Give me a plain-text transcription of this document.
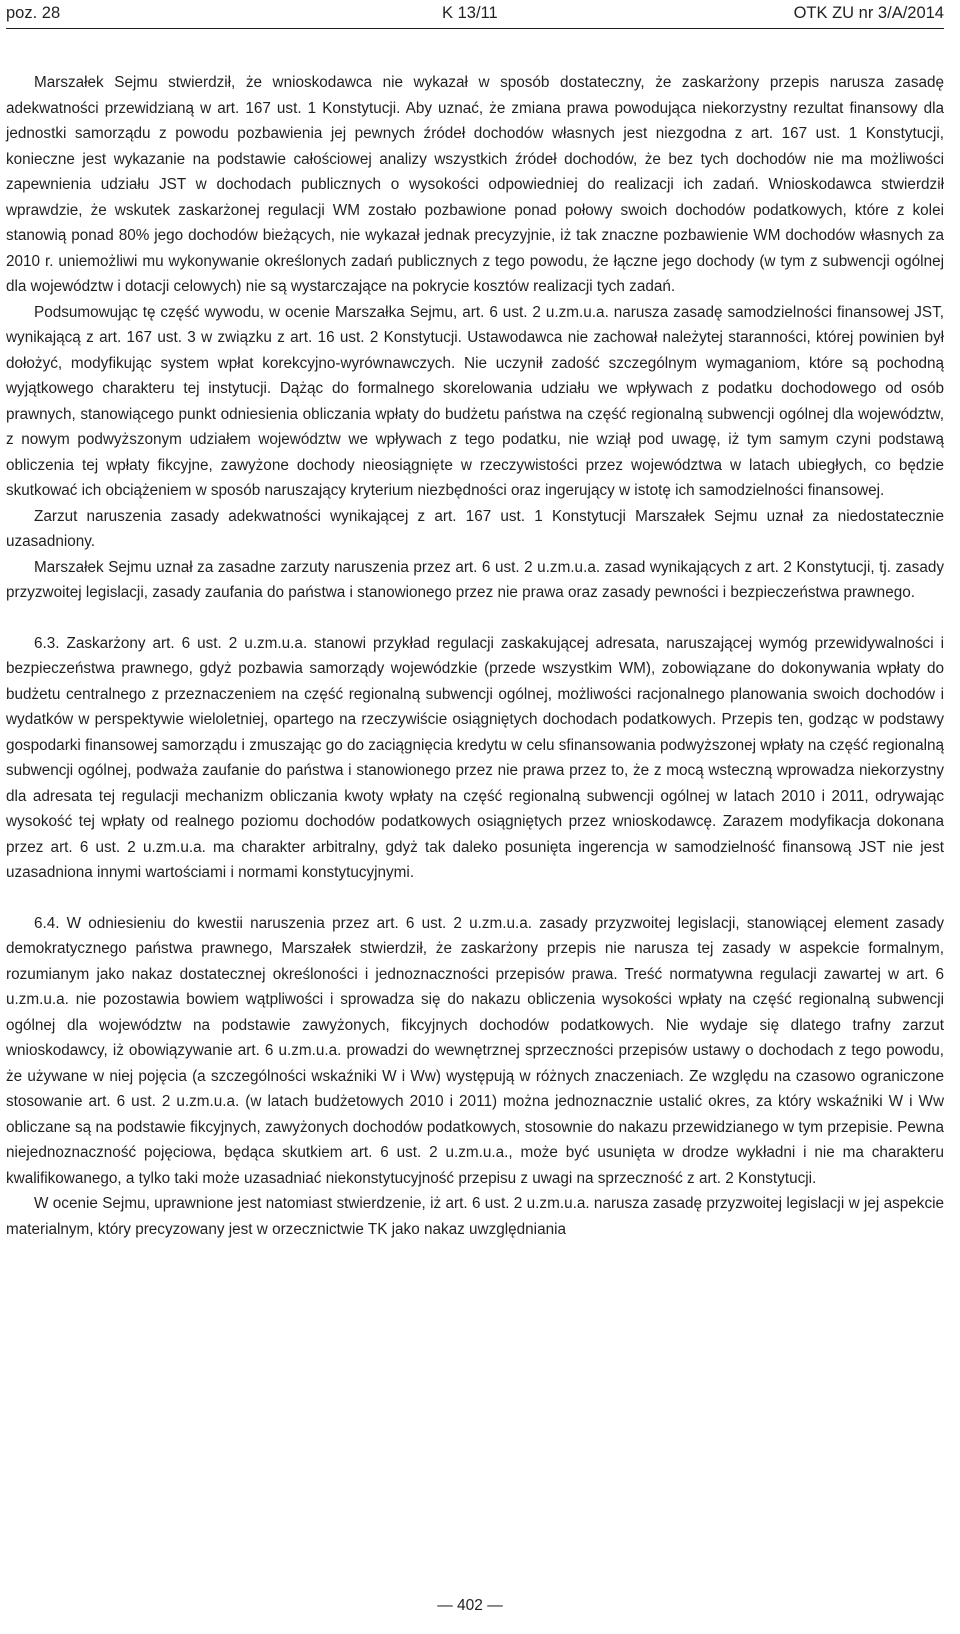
poz. 28	K 13/11	OTK ZU nr 3/A/2014

Marszałek Sejmu stwierdził, że wnioskodawca nie wykazał w sposób dostateczny, że zaskarżony przepis narusza zasadę adekwatności przewidzianą w art. 167 ust. 1 Konstytucji. Aby uznać, że zmiana prawa powodująca niekorzystny rezultat finansowy dla jednostki samorządu z powodu pozbawienia jej pewnych źródeł dochodów własnych jest niezgodna z art. 167 ust. 1 Konstytucji, konieczne jest wykazanie na podstawie całościowej analizy wszystkich źródeł dochodów, że bez tych dochodów nie ma możliwości zapewnienia udziału JST w dochodach publicznych o wysokości odpowiedniej do realizacji ich zadań. Wnioskodawca stwierdził wprawdzie, że wskutek zaskarżonej regulacji WM zostało pozbawione ponad połowy swoich dochodów podatkowych, które z kolei stanowią ponad 80% jego dochodów bieżących, nie wykazał jednak precyzyjnie, iż tak znaczne pozbawienie WM dochodów własnych za 2010 r. uniemożliwi mu wykonywanie określonych zadań publicznych z tego powodu, że łączne jego dochody (w tym z subwencji ogólnej dla województw i dotacji celowych) nie są wystarczające na pokrycie kosztów realizacji tych zadań.

Podsumowując tę część wywodu, w ocenie Marszałka Sejmu, art. 6 ust. 2 u.zm.u.a. narusza zasadę samodzielności finansowej JST, wynikającą z art. 167 ust. 3 w związku z art. 16 ust. 2 Konstytucji. Ustawodawca nie zachował należytej staranności, której powinien był dołożyć, modyfikując system wpłat korekcyjno-wyrównawczych. Nie uczynił zadość szczególnym wymaganiom, które są pochodną wyjątkowego charakteru tej instytucji. Dążąc do formalnego skorelowania udziału we wpływach z podatku dochodowego od osób prawnych, stanowiącego punkt odniesienia obliczania wpłaty do budżetu państwa na część regionalną subwencji ogólnej dla województw, z nowym podwyższonym udziałem województw we wpływach z tego podatku, nie wziął pod uwagę, iż tym samym czyni podstawą obliczenia tej wpłaty fikcyjne, zawyżone dochody nieosiągnięte w rzeczywistości przez województwa w latach ubiegłych, co będzie skutkować ich obciążeniem w sposób naruszający kryterium niezbędności oraz ingerujący w istotę ich samodzielności finansowej.

Zarzut naruszenia zasady adekwatności wynikającej z art. 167 ust. 1 Konstytucji Marszałek Sejmu uznał za niedostatecznie uzasadniony.

Marszałek Sejmu uznał za zasadne zarzuty naruszenia przez art. 6 ust. 2 u.zm.u.a. zasad wynikających z art. 2 Konstytucji, tj. zasady przyzwoitej legislacji, zasady zaufania do państwa i stanowionego przez nie prawa oraz zasady pewności i bezpieczeństwa prawnego.

6.3. Zaskarżony art. 6 ust. 2 u.zm.u.a. stanowi przykład regulacji zaskakującej adresata, naruszającej wymóg przewidywalności i bezpieczeństwa prawnego, gdyż pozbawia samorządy wojewódzkie (przede wszystkim WM), zobowiązane do dokonywania wpłaty do budżetu centralnego z przeznaczeniem na część regionalną subwencji ogólnej, możliwości racjonalnego planowania swoich dochodów i wydatków w perspektywie wieloletniej, opartego na rzeczywiście osiągniętych dochodach podatkowych. Przepis ten, godząc w podstawy gospodarki finansowej samorządu i zmuszając go do zaciągnięcia kredytu w celu sfinansowania podwyższonej wpłaty na część regionalną subwencji ogólnej, podważa zaufanie do państwa i stanowionego przez nie prawa przez to, że z mocą wsteczną wprowadza niekorzystny dla adresata tej regulacji mechanizm obliczania kwoty wpłaty na część regionalną subwencji ogólnej w latach 2010 i 2011, odrywając wysokość tej wpłaty od realnego poziomu dochodów podatkowych osiągniętych przez wnioskodawcę. Zarazem modyfikacja dokonana przez art. 6 ust. 2 u.zm.u.a. ma charakter arbitralny, gdyż tak daleko posunięta ingerencja w samodzielność finansową JST nie jest uzasadniona innymi wartościami i normami konstytucyjnymi.

6.4. W odniesieniu do kwestii naruszenia przez art. 6 ust. 2 u.zm.u.a. zasady przyzwoitej legislacji, stanowiącej element zasady demokratycznego państwa prawnego, Marszałek stwierdził, że zaskarżony przepis nie narusza tej zasady w aspekcie formalnym, rozumianym jako nakaz dostatecznej określoności i jednoznaczności przepisów prawa. Treść normatywna regulacji zawartej w art. 6 u.zm.u.a. nie pozostawia bowiem wątpliwości i sprowadza się do nakazu obliczenia wysokości wpłaty na część regionalną subwencji ogólnej dla województw na podstawie zawyżonych, fikcyjnych dochodów podatkowych. Nie wydaje się dlatego trafny zarzut wnioskodawcy, iż obowiązywanie art. 6 u.zm.u.a. prowadzi do wewnętrznej sprzeczności przepisów ustawy o dochodach z tego powodu, że używane w niej pojęcia (a szczególności wskaźniki W i Ww) występują w różnych znaczeniach. Ze względu na czasowo ograniczone stosowanie art. 6 ust. 2 u.zm.u.a. (w latach budżetowych 2010 i 2011) można jednoznacznie ustalić okres, za który wskaźniki W i Ww obliczane są na podstawie fikcyjnych, zawyżonych dochodów podatkowych, stosownie do nakazu przewidzianego w tym przepisie. Pewna niejednoznaczność pojęciowa, będąca skutkiem art. 6 ust. 2 u.zm.u.a., może być usunięta w drodze wykładni i nie ma charakteru kwalifikowanego, a tylko taki może uzasadniać niekonstytucyjność przepisu z uwagi na sprzeczność z art. 2 Konstytucji.

W ocenie Sejmu, uprawnione jest natomiast stwierdzenie, iż art. 6 ust. 2 u.zm.u.a. narusza zasadę przyzwoitej legislacji w jej aspekcie materialnym, który precyzowany jest w orzecznictwie TK jako nakaz uwzględniania

— 402 —
